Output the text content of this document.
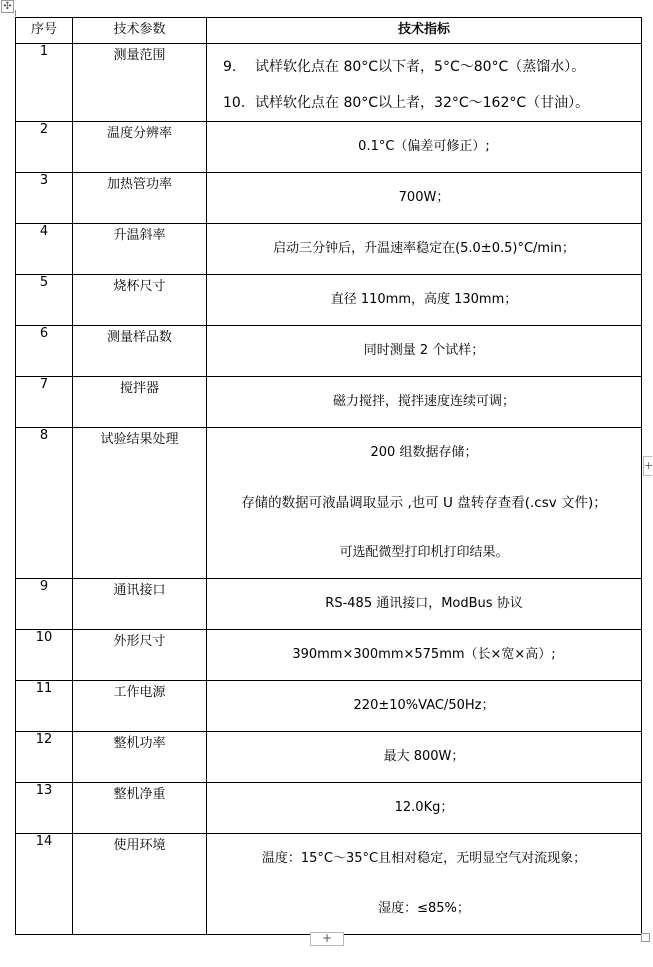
✣
序号	技术参数	技术指标
1	测量范围	9. 试样软化点在 80°C以下者，5°C～80°C（蒸馏水）。
10. 试样软化点在 80°C以上者，32°C～162°C（甘油）。

2	温度分辨率	0.1°C（偏差可修正）;

3	加热管功率	700W；

4	升温斜率	启动三分钟后，升温速率稳定在(5.0±0.5)°C/min；

5	烧杯尺寸	直径 110mm，高度 130mm；

6	测量样品数	同时测量 2 个试样；

7	搅拌器	磁力搅拌，搅拌速度连续可调；

8	试验结果处理	200 组数据存储；
存储的数据可液晶调取显示 ,也可 U 盘转存查看(.csv 文件)；
可选配微型打印机打印结果。

9	通讯接口	RS-485 通讯接口，ModBus 协议

10	外形尺寸	390mm×300mm×575mm（长×宽×高）;

11	工作电源	220±10%VAC/50Hz；

12	整机功率	最大 800W；

13	整机净重	12.0Kg；

14	使用环境	温度：15°C～35°C且相对稳定，无明显空气对流现象；
湿度：≤85%；
+
+
